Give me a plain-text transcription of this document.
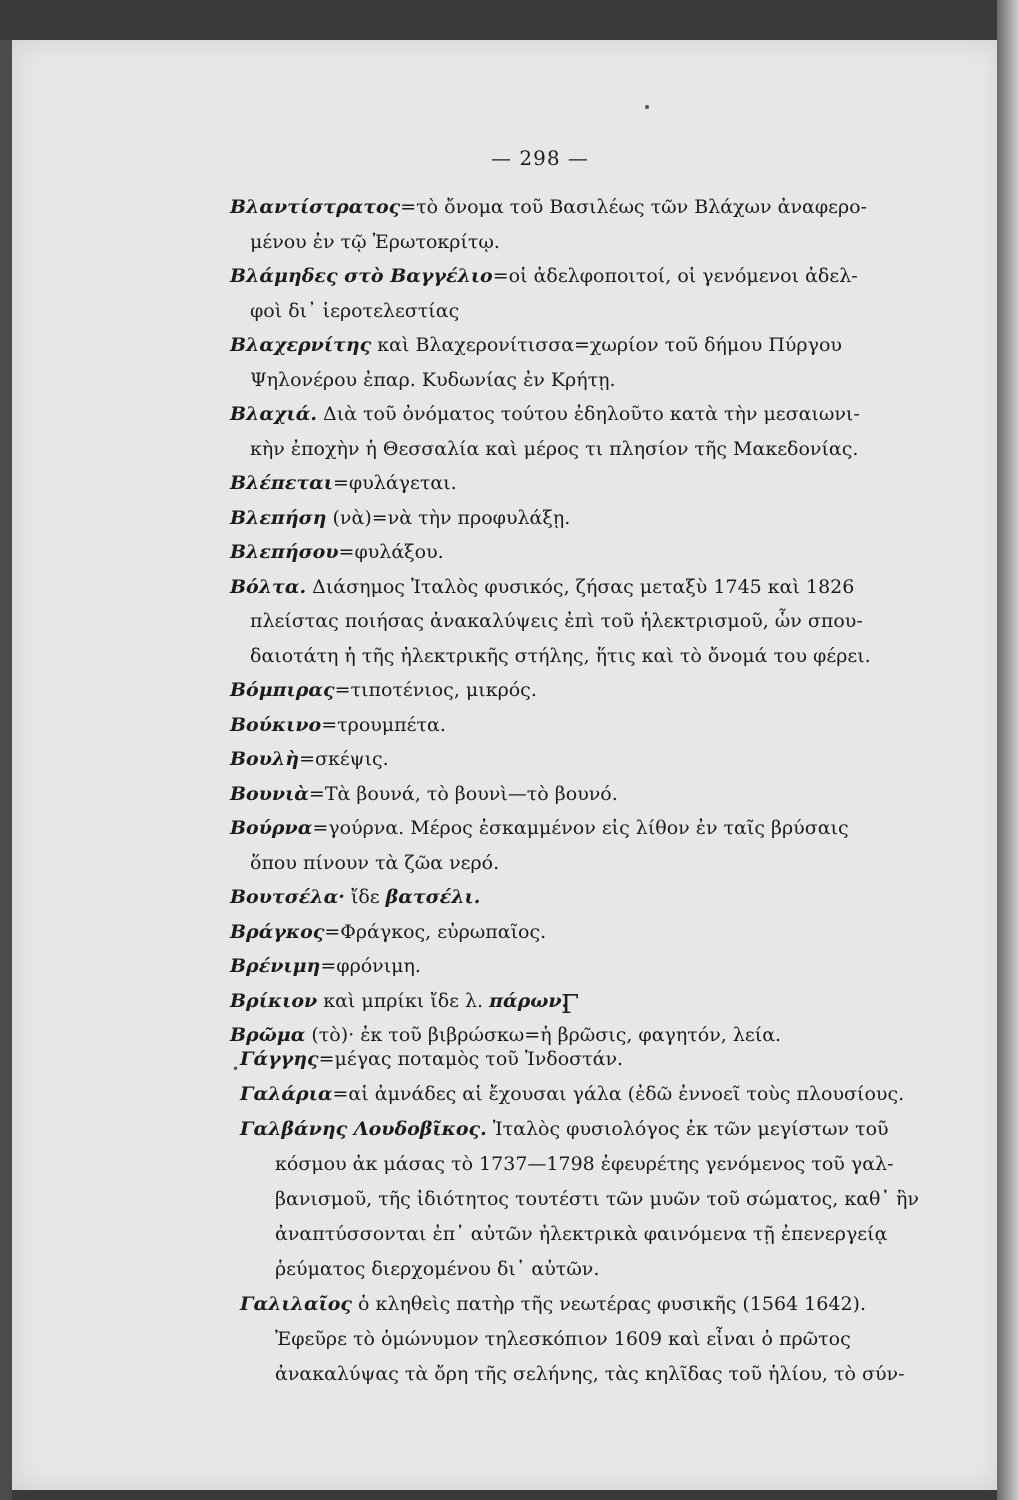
— 298 —

Βλαντίστρατος=τὸ ὄνομα τοῦ Βασιλέως τῶν Βλάχων ἀναφερο-
μένου ἐν τῷ Ἐρωτοκρίτῳ.

Βλάμηδες στὸ Βαγγέλιο=οἱ ἀδελφοποιτοί, οἱ γενόμενοι ἀδελ-
φοὶ δι᾿ ἱεροτελεστίας

Βλαχερνίτης καὶ Βλαχερονίτισσα=χωρίον τοῦ δήμου Πύργου
Ψηλονέρου ἐπαρ. Κυδωνίας ἐν Κρήτῃ.

Βλαχιά. Διὰ τοῦ ὀνόματος τούτου ἐδηλοῦτο κατὰ τὴν μεσαιωνι-
κὴν ἐποχὴν ἡ Θεσσαλία καὶ μέρος τι πλησίον τῆς Μακεδονίας.

Βλέπεται=φυλάγεται.

Βλεπήση (νὰ)=νὰ τὴν προφυλάξῃ.

Βλεπήσου=φυλάξου.

Βόλτα. Διάσημος Ἰταλὸς φυσικός, ζήσας μεταξὺ 1745 καὶ 1826
πλείστας ποιήσας ἀνακαλύψεις ἐπὶ τοῦ ἠλεκτρισμοῦ, ὧν σπου-
δαιοτάτη ἡ τῆς ἠλεκτρικῆς στήλης, ἥτις καὶ τὸ ὄνομά του φέρει.

Βόμπιρας=τιποτένιος, μικρός.

Βούκινο=τρουμπέτα.

Βουλὴ=σκέψις.

Βουνιὰ=Τὰ βουνά, τὸ βουνὶ—τὸ βουνό.

Βούρνα=γούρνα. Μέρος ἐσκαμμένον εἰς λίθον ἐν ταῖς βρύσαις
ὅπου πίνουν τὰ ζῶα νερό.

Βουτσέλα· ἴδε βατσέλι.

Βράγκος=Φράγκος, εὐρωπαῖος.

Βρένιμη=φρόνιμη.

Βρίκιον καὶ μπρίκι ἴδε λ. πάρων.

Βρῶμα (τὸ)· ἐκ τοῦ βιβρώσκω=ἡ βρῶσις, φαγητόν, λεία.

Γ
• Γάγγης=μέγας ποταμὸς τοῦ Ἰνδοστάν.

Γαλάρια=αἱ ἀμνάδες αἱ ἔχουσαι γάλα (ἐδῶ ἐννοεῖ τοὺς πλουσίους.

Γαλβάνης Λουδοβῖκος. Ἰταλὸς φυσιολόγος ἐκ τῶν μεγίστων τοῦ
κόσμου ἀκ μάσας τὸ 1737—1798 ἐφευρέτης γενόμενος τοῦ γαλ-
βανισμοῦ, τῆς ἰδιότητος τουτέστι τῶν μυῶν τοῦ σώματος, καθ᾿ ἣν
ἀναπτύσσονται ἐπ᾿ αὐτῶν ἠλεκτρικὰ φαινόμενα τῇ ἐπενεργείᾳ
ῥεύματος διερχομένου δι᾿ αὐτῶν.

Γαλιλαῖος ὁ κληθεὶς πατὴρ τῆς νεωτέρας φυσικῆς (1564 1642).
Ἐφεῦρε τὸ ὁμώνυμον τηλεσκόπιον 1609 καὶ εἶναι ὁ πρῶτος
ἀνακαλύψας τὰ ὄρη τῆς σελήνης, τὰς κηλῖδας τοῦ ἡλίου, τὸ σύν-
